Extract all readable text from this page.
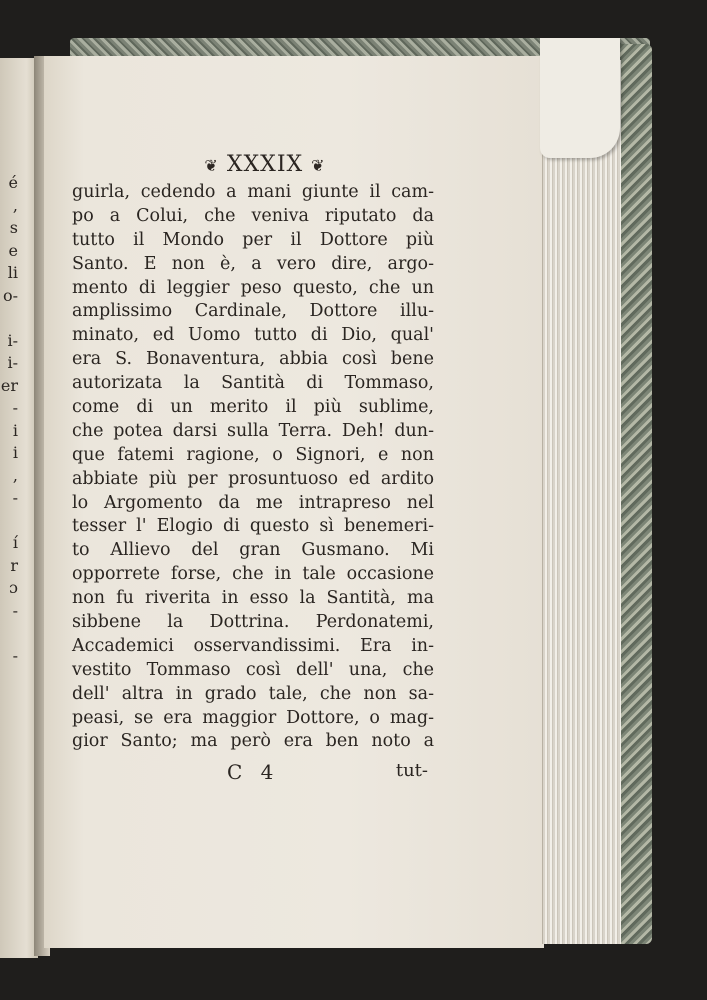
é
,
s
e
li
o-
i-
i-
er
-
i
i
,
-
í
r
ɔ
-
-
❦ XXXIX ❦
guirla, cedendo a mani giunte il cam-
po a Colui, che veniva riputato da
tutto il Mondo per il Dottore più
Santo. E non è, a vero dire, argo-
mento di leggier peso questo, che un
amplissimo Cardinale, Dottore illu-
minato, ed Uomo tutto di Dio, qual'
era S. Bonaventura, abbia così bene
autorizata la Santità di Tommaso,
come di un merito il più sublime,
che potea darsi sulla Terra. Deh! dun-
que fatemi ragione, o Signori, e non
abbiate più per prosuntuoso ed ardito
lo Argomento da me intrapreso nel
tesser l' Elogio di questo sì benemeri-
to Allievo del gran Gusmano. Mi
opporrete forse, che in tale occasione
non fu riverita in esso la Santità, ma
sibbene la Dottrina. Perdonatemi,
Accademici osservandissimi. Era in-
vestito Tommaso così dell' una, che
dell' altra in grado tale, che non sa-
peasi, se era maggior Dottore, o mag-
gior Santo; ma però era ben noto a
C 4	tut-
